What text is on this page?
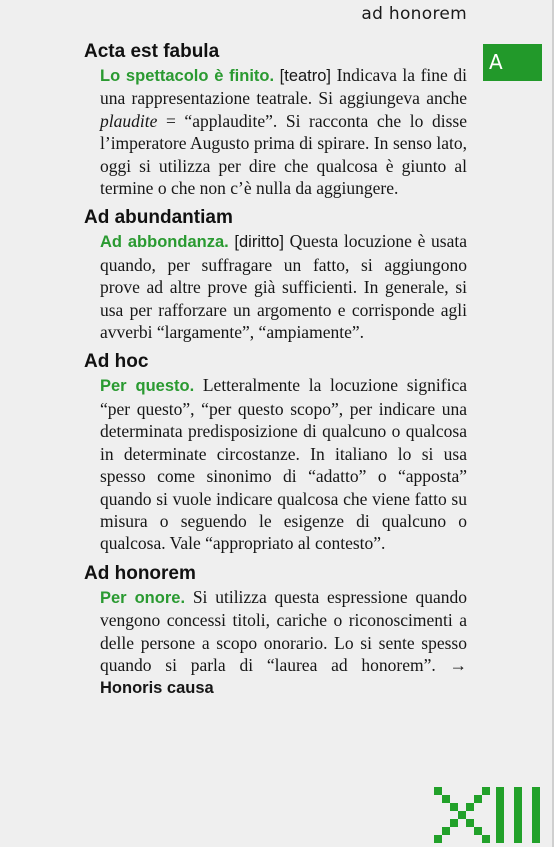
ad honorem
A
Acta est fabula

Lo spettacolo è finito. [teatro] Indicava la fine di una rappresentazione teatrale. Si aggiungeva anche plaudite = “applaudite”. Si racconta che lo disse l’imperatore Augusto prima di spirare. In senso lato, oggi si utilizza per dire che qualcosa è giunto al termine o che non c’è nulla da aggiungere.

Ad abundantiam

Ad abbondanza. [diritto] Questa locuzione è usata quando, per suffragare un fatto, si aggiungono prove ad altre prove già sufficienti. In generale, si usa per rafforzare un argomento e corrisponde agli avverbi “largamente”, “ampiamente”.

Ad hoc

Per questo. Letteralmente la locuzione significa “per questo”, “per questo scopo”, per indicare una determinata predisposizione di qualcuno o qualcosa in determinate circostanze. In italiano lo si usa spesso come sinonimo di “adatto” o “apposta” quando si vuole indicare qualcosa che viene fatto su misura o seguendo le esigenze di qualcuno o qualcosa. Vale “appropriato al contesto”.

Ad honorem

Per onore. Si utilizza questa espressione quando vengono concessi titoli, cariche o riconoscimenti a delle persone a scopo onorario. Lo si sente spesso quando si parla di “laurea ad honorem”. → Honoris causa
